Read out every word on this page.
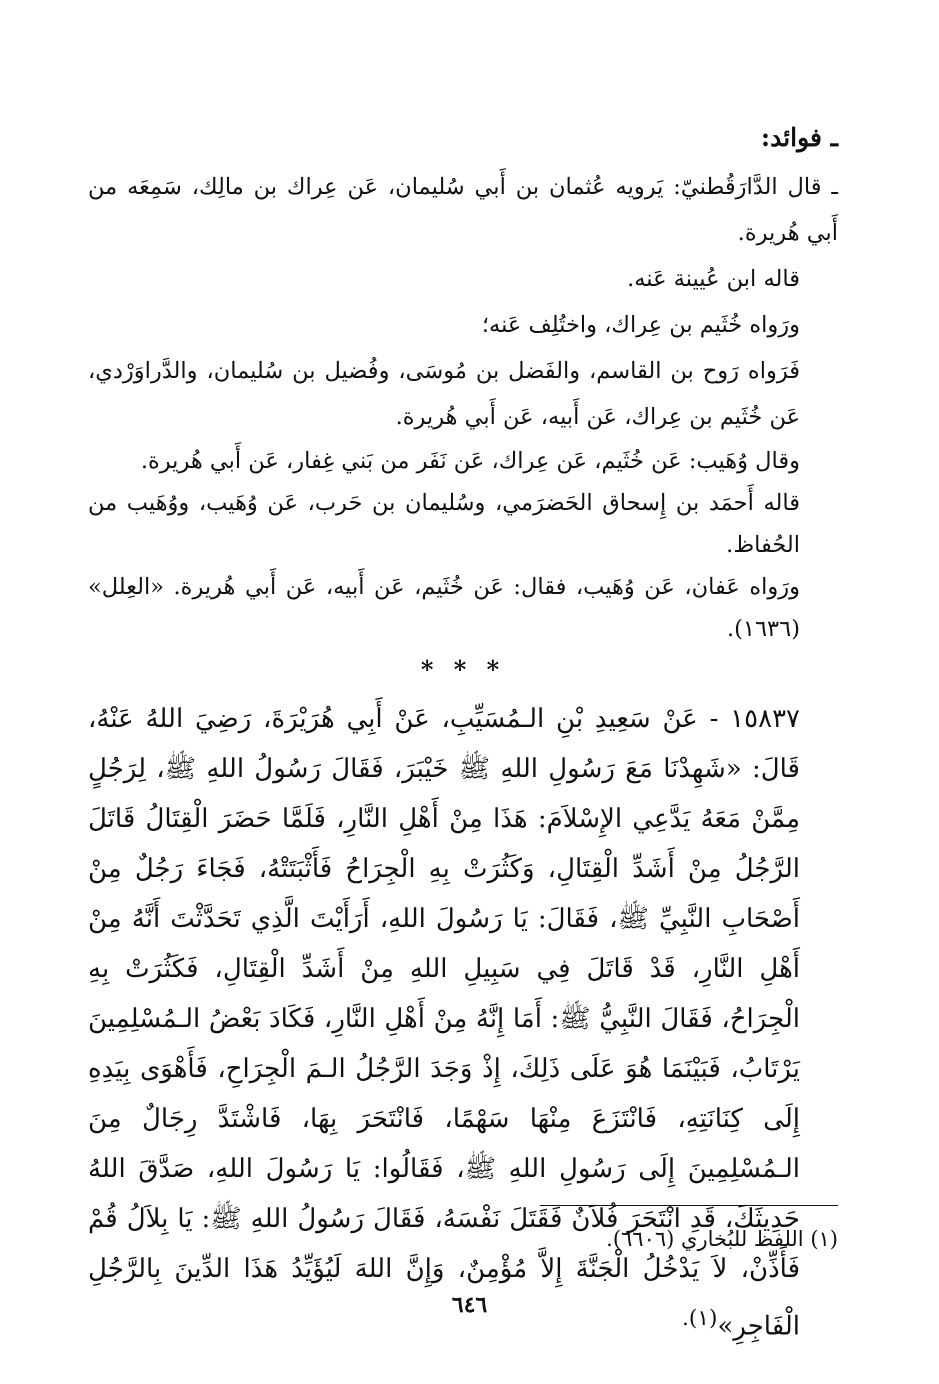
ـ فوائد:

ـ قال الدَّارَقُطنيّ: يَرويه عُثمان بن أَبي سُليمان، عَن عِراك بن مالِك، سَمِعَه من أَبي هُريرة.

قاله ابن عُيينة عَنه.

ورَواه خُثَيم بن عِراك، واختُلِف عَنه؛

فَرَواه رَوح بن القاسم، والفَضل بن مُوسَى، وفُضيل بن سُليمان، والدَّراوَرْدي، عَن خُثَيم بن عِراك، عَن أَبيه، عَن أَبي هُريرة.

وقال وُهَيب: عَن خُثَيم، عَن عِراك، عَن نَفَر من بَني غِفار، عَن أَبي هُريرة.

قاله أَحمَد بن إِسحاق الحَضرَمي، وسُليمان بن حَرب، عَن وُهَيب، ووُهَيب من الحُفاظ.

ورَواه عَفان، عَن وُهَيب، فقال: عَن خُثَيم، عَن أَبيه، عَن أَبي هُريرة. «العِلل» (١٦٣٦).

* * *

١٥٨٣٧ - عَنْ سَعِيدِ بْنِ الـمُسَيِّبِ، عَنْ أَبِي هُرَيْرَةَ، رَضِيَ اللهُ عَنْهُ، قَالَ: «شَهِدْنَا مَعَ رَسُولِ اللهِ ﷺ خَيْبَرَ، فَقَالَ رَسُولُ اللهِ ﷺ، لِرَجُلٍ مِمَّنْ مَعَهُ يَدَّعِي الإِسْلاَمَ: هَذَا مِنْ أَهْلِ النَّارِ، فَلَمَّا حَضَرَ الْقِتَالُ قَاتَلَ الرَّجُلُ مِنْ أَشَدِّ الْقِتَالِ، وَكَثُرَتْ بِهِ الْجِرَاحُ فَأَثْبَتَتْهُ، فَجَاءَ رَجُلٌ مِنْ أَصْحَابِ النَّبِيِّ ﷺ، فَقَالَ: يَا رَسُولَ اللهِ، أَرَأَيْتَ الَّذِي تَحَدَّثْتَ أَنَّهُ مِنْ أَهْلِ النَّارِ، قَدْ قَاتَلَ فِي سَبِيلِ اللهِ مِنْ أَشَدِّ الْقِتَالِ، فَكَثُرَتْ بِهِ الْجِرَاحُ، فَقَالَ النَّبِيُّ ﷺ: أَمَا إِنَّهُ مِنْ أَهْلِ النَّارِ، فَكَادَ بَعْضُ الـمُسْلِمِينَ يَرْتَابُ، فَبَيْنَمَا هُوَ عَلَى ذَلِكَ، إِذْ وَجَدَ الرَّجُلُ الـمَ الْجِرَاحِ، فَأَهْوَى بِيَدِهِ إِلَى كِنَانَتِهِ، فَانْتَزَعَ مِنْهَا سَهْمًا، فَانْتَحَرَ بِهَا، فَاشْتَدَّ رِجَالٌ مِنَ الـمُسْلِمِينَ إِلَى رَسُولِ اللهِ ﷺ، فَقَالُوا: يَا رَسُولَ اللهِ، صَدَّقَ اللهُ حَدِيثَكَ، قَدِ انْتَحَرَ فُلاَنٌ فَقَتَلَ نَفْسَهُ، فَقَالَ رَسُولُ اللهِ ﷺ: يَا بِلاَلُ قُمْ فَأَذِّنْ، لاَ يَدْخُلُ الْجَنَّةَ إِلاَّ مُؤْمِنٌ، وَإِنَّ اللهَ لَيُؤَيِّدُ هَذَا الدِّينَ بِالرَّجُلِ الْفَاجِرِ»$^{(١).}$

(١) اللفظ للبُخاري (٦٦٠٦).
٦٤٦
